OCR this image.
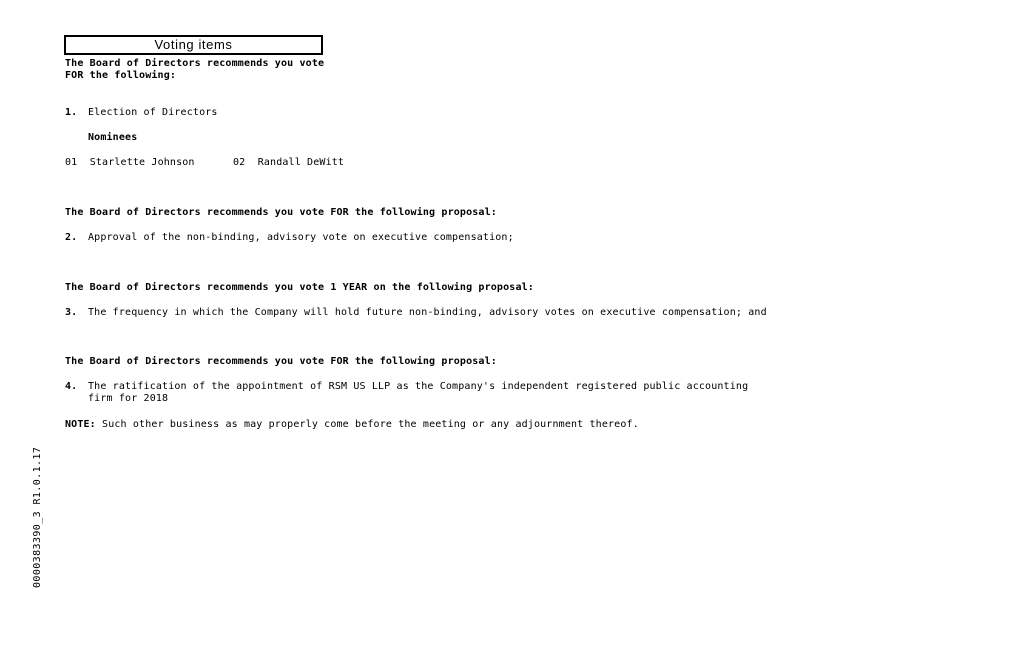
Voting items
The Board of Directors recommends you vote
FOR the following:
1. Election of Directors
Nominees
01 Starlette Johnson	02 Randall DeWitt
The Board of Directors recommends you vote FOR the following proposal:
2. Approval of the non-binding, advisory vote on executive compensation;
The Board of Directors recommends you vote 1 YEAR on the following proposal:
3. The frequency in which the Company will hold future non-binding, advisory votes on executive compensation; and
The Board of Directors recommends you vote FOR the following proposal:
4. The ratification of the appointment of RSM US LLP as the Company's independent registered public accounting
firm for 2018
NOTE: Such other business as may properly come before the meeting or any adjournment thereof.
0000383390_3 R1.0.1.17
